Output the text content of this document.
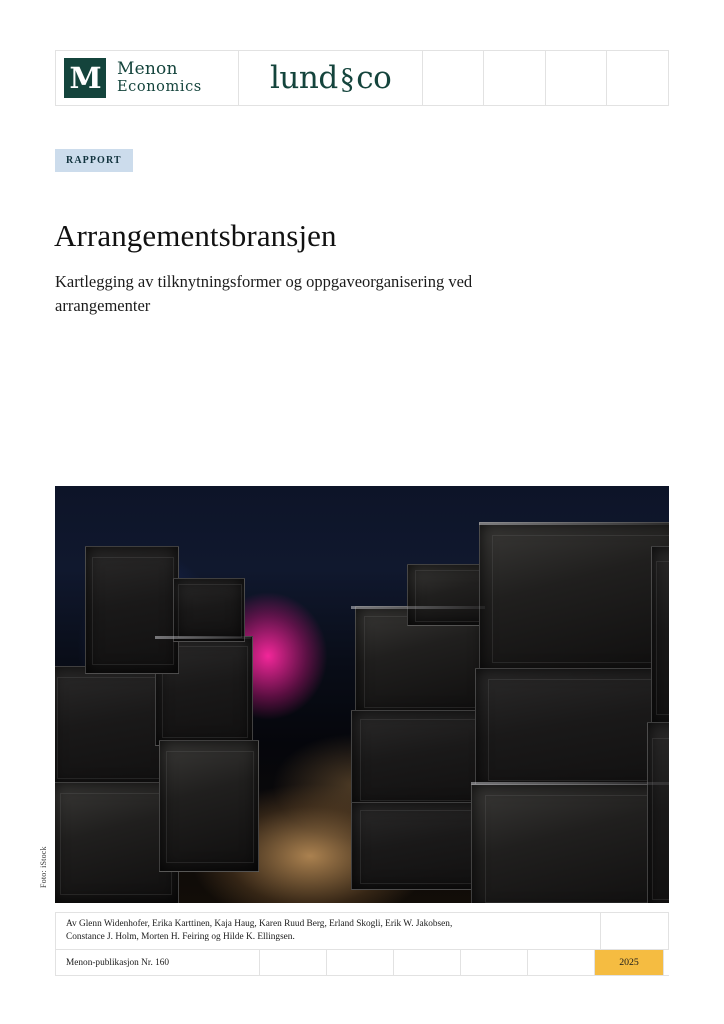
M Menon
Economics lund§co
RAPPORT
Arrangementsbransjen

Kartlegging av tilknytningsformer og oppgaveorganisering ved arrangementer

Foto: iStock
Av Glenn Widenhofer, Erika Karttinen, Kaja Haug, Karen Ruud Berg, Erland Skogli, Erik W. Jakobsen,
Constance J. Holm, Morten H. Feiring og Hilde K. Ellingsen.
Menon-publikasjon Nr. 160	2025
